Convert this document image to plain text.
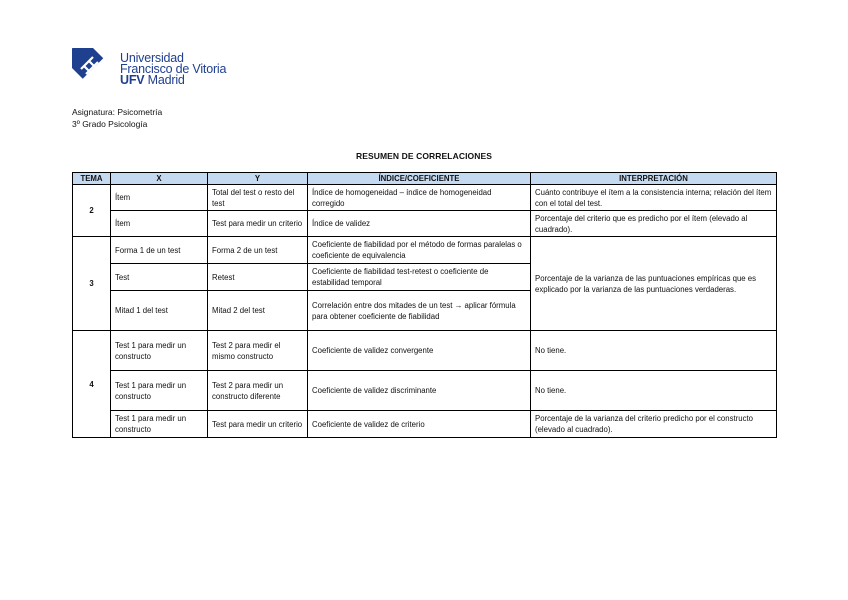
Universidad
Francisco de Vitoria
UFV Madrid
Asignatura: Psicometría
3º Grado Psicología
RESUMEN DE CORRELACIONES
TEMA	X	Y	ÍNDICE/COEFICIENTE	INTERPRETACIÓN
2	Ítem	Total del test o resto del test	Índice de homogeneidad – índice de homogeneidad corregido	Cuánto contribuye el ítem a la consistencia interna; relación del ítem con el total del test.
	Ítem	Test para medir un criterio	Índice de validez	Porcentaje del criterio que es predicho por el ítem (elevado al cuadrado).
3	Forma 1 de un test	Forma 2 de un test	Coeficiente de fiabilidad por el método de formas paralelas o coeficiente de equivalencia	Porcentaje de la varianza de las puntuaciones empíricas que es explicado por la varianza de las puntuaciones verdaderas.
	Test	Retest	Coeficiente de fiabilidad test-retest o coeficiente de estabilidad temporal	
	Mitad 1 del test	Mitad 2 del test	Correlación entre dos mitades de un test → aplicar fórmula para obtener coeficiente de fiabilidad	
4	Test 1 para medir un constructo	Test 2 para medir el mismo constructo	Coeficiente de validez convergente	No tiene.
	Test 1 para medir un constructo	Test 2 para medir un constructo diferente	Coeficiente de validez discriminante	No tiene.
	Test 1 para medir un constructo	Test para medir un criterio	Coeficiente de validez de criterio	Porcentaje de la varianza del criterio predicho por el constructo (elevado al cuadrado).
